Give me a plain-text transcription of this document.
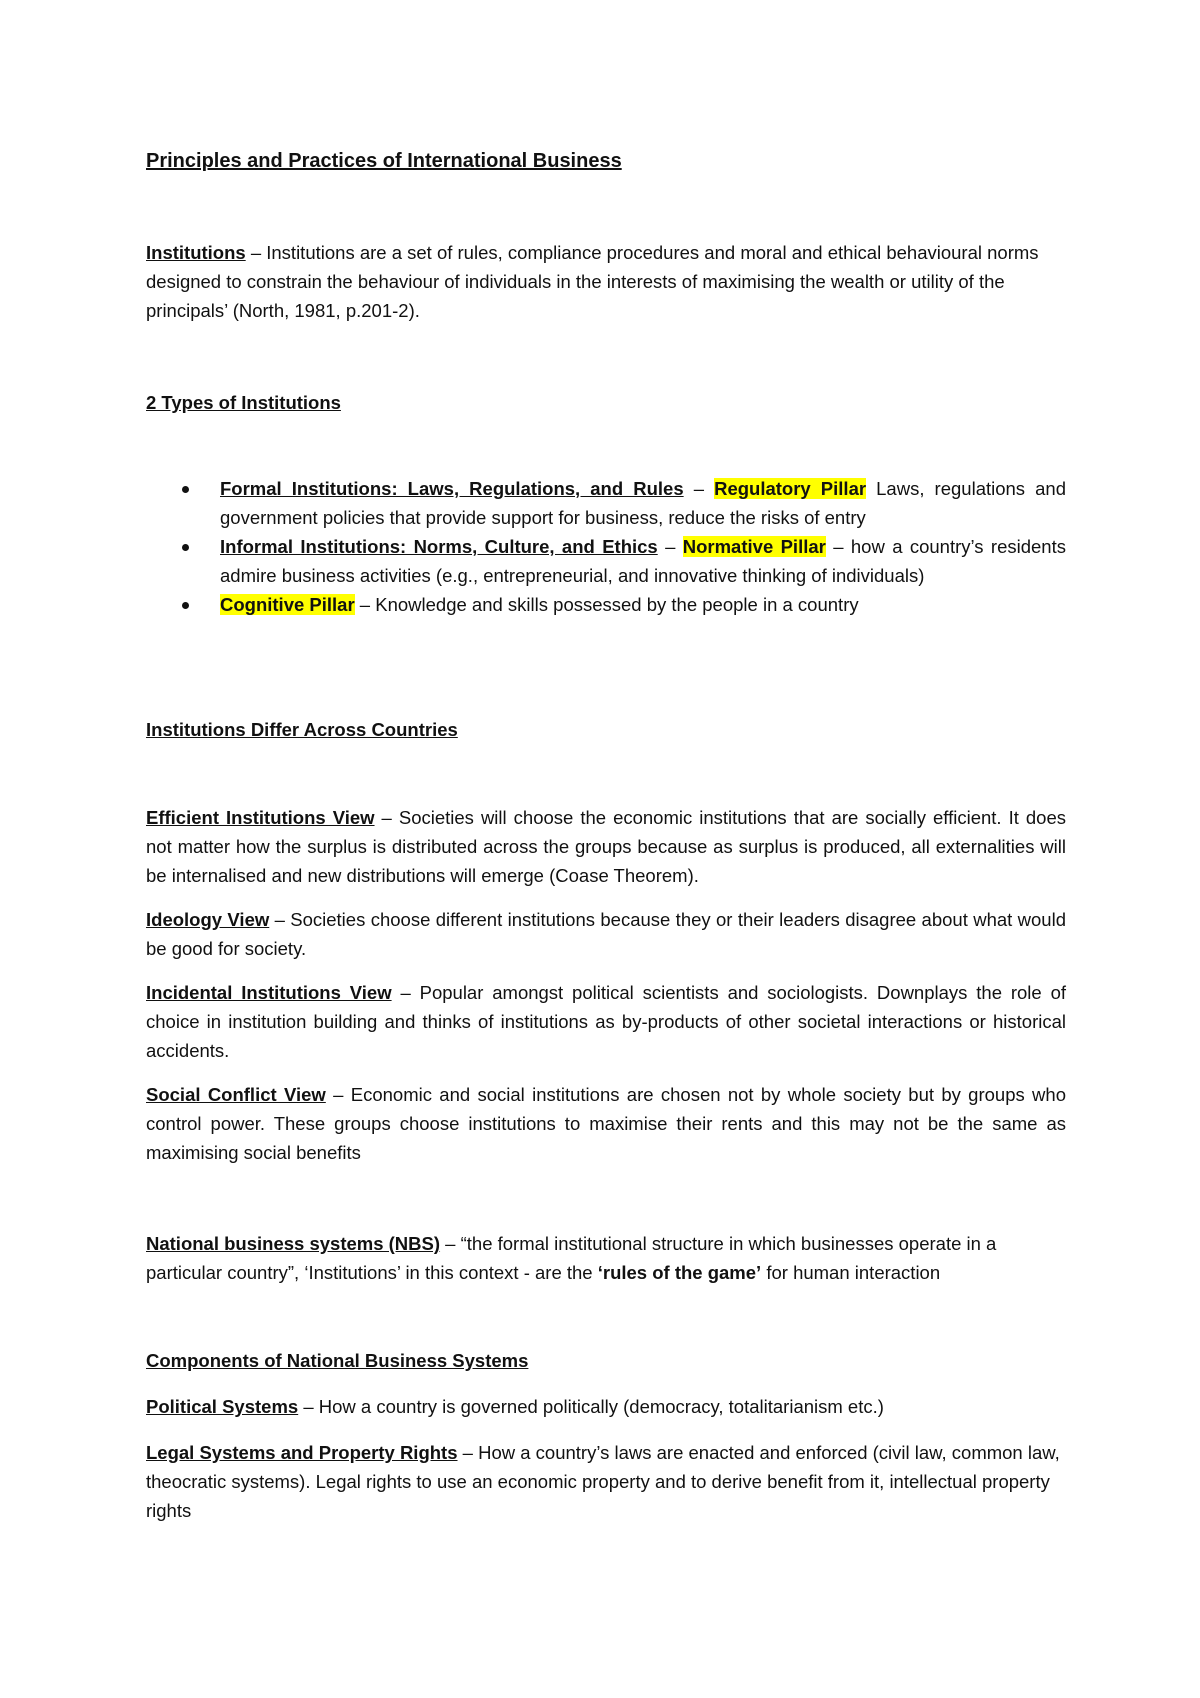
Principles and Practices of International Business

Institutions – Institutions are a set of rules, compliance procedures and moral and ethical behavioural norms designed to constrain the behaviour of individuals in the interests of maximising the wealth or utility of the principals’ (North, 1981, p.201-2).

2 Types of Institutions
Formal Institutions: Laws, Regulations, and Rules – Regulatory Pillar Laws, regulations and government policies that provide support for business, reduce the risks of entry
Informal Institutions: Norms, Culture, and Ethics – Normative Pillar – how a country’s residents admire business activities (e.g., entrepreneurial, and innovative thinking of individuals)
Cognitive Pillar – Knowledge and skills possessed by the people in a country
Institutions Differ Across Countries

Efficient Institutions View – Societies will choose the economic institutions that are socially efficient. It does not matter how the surplus is distributed across the groups because as surplus is produced, all externalities will be internalised and new distributions will emerge (Coase Theorem).

Ideology View – Societies choose different institutions because they or their leaders disagree about what would be good for society.

Incidental Institutions View – Popular amongst political scientists and sociologists. Downplays the role of choice in institution building and thinks of institutions as by-products of other societal interactions or historical accidents.

Social Conflict View – Economic and social institutions are chosen not by whole society but by groups who control power. These groups choose institutions to maximise their rents and this may not be the same as maximising social benefits

National business systems (NBS) – “the formal institutional structure in which businesses operate in a particular country”, ‘Institutions’ in this context - are the ‘rules of the game’ for human interaction

Components of National Business Systems

Political Systems – How a country is governed politically (democracy, totalitarianism etc.)

Legal Systems and Property Rights – How a country’s laws are enacted and enforced (civil law, common law, theocratic systems). Legal rights to use an economic property and to derive benefit from it, intellectual property rights
